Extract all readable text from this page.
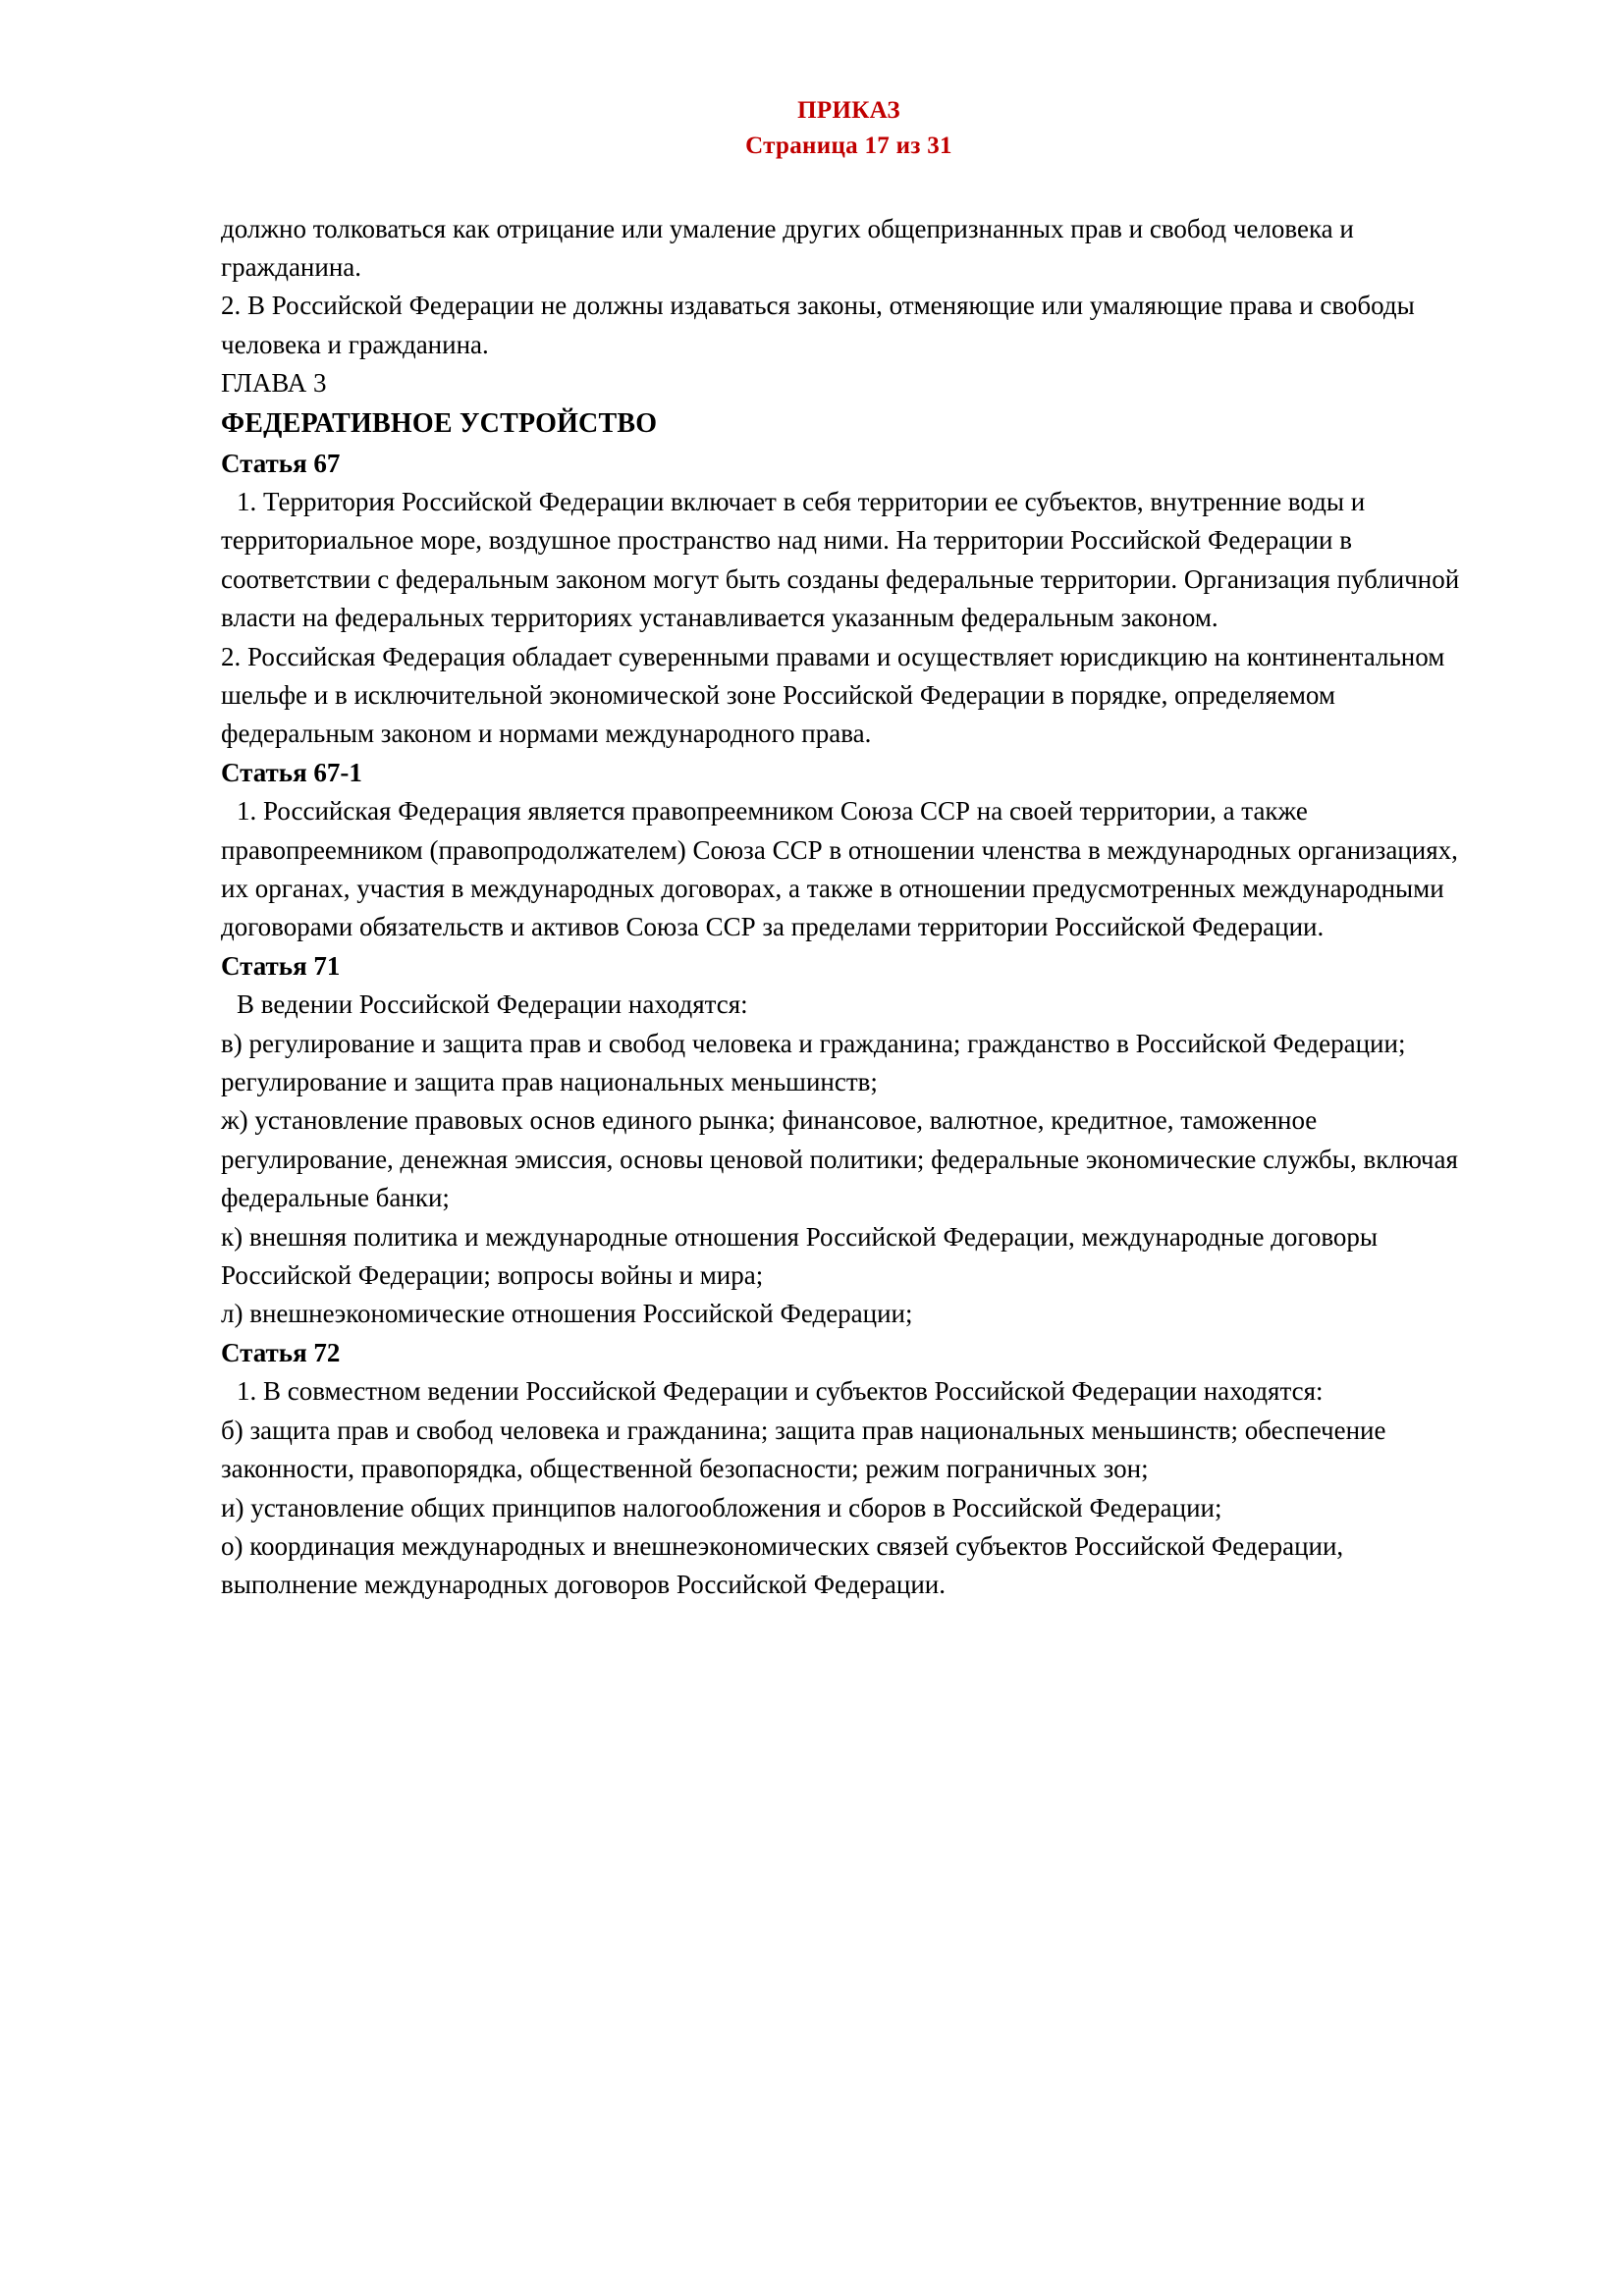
ПРИКАЗ
Страница 17 из 31

должно толковаться как отрицание или умаление других общепризнанных прав и свобод человека и гражданина.

2. В Российской Федерации не должны издаваться законы, отменяющие или умаляющие права и свободы человека и гражданина.

ГЛАВА 3

ФЕДЕРАТИВНОЕ УСТРОЙСТВО

Статья 67

1. Территория Российской Федерации включает в себя территории ее субъектов, внутренние воды и территориальное море, воздушное пространство над ними. На территории Российской Федерации в соответствии с федеральным законом могут быть созданы федеральные территории. Организация публичной власти на федеральных территориях устанавливается указанным федеральным законом.

2. Российская Федерация обладает суверенными правами и осуществляет юрисдикцию на континентальном шельфе и в исключительной экономической зоне Российской Федерации в порядке, определяемом федеральным законом и нормами международного права.

Статья 67-1

1. Российская Федерация является правопреемником Союза ССР на своей территории, а также правопреемником (правопродолжателем) Союза ССР в отношении членства в международных организациях, их органах, участия в международных договорах, а также в отношении предусмотренных международными договорами обязательств и активов Союза ССР за пределами территории Российской Федерации.

Статья 71

В ведении Российской Федерации находятся:

в) регулирование и защита прав и свобод человека и гражданина; гражданство в Российской Федерации; регулирование и защита прав национальных меньшинств;

ж) установление правовых основ единого рынка; финансовое, валютное, кредитное, таможенное регулирование, денежная эмиссия, основы ценовой политики; федеральные экономические службы, включая федеральные банки;

к) внешняя политика и международные отношения Российской Федерации, международные договоры Российской Федерации; вопросы войны и мира;

л) внешнеэкономические отношения Российской Федерации;

Статья 72

1. В совместном ведении Российской Федерации и субъектов Российской Федерации находятся:

б) защита прав и свобод человека и гражданина; защита прав национальных меньшинств; обеспечение законности, правопорядка, общественной безопасности; режим пограничных зон;

и) установление общих принципов налогообложения и сборов в Российской Федерации;

о) координация международных и внешнеэкономических связей субъектов Российской Федерации, выполнение международных договоров Российской Федерации.
